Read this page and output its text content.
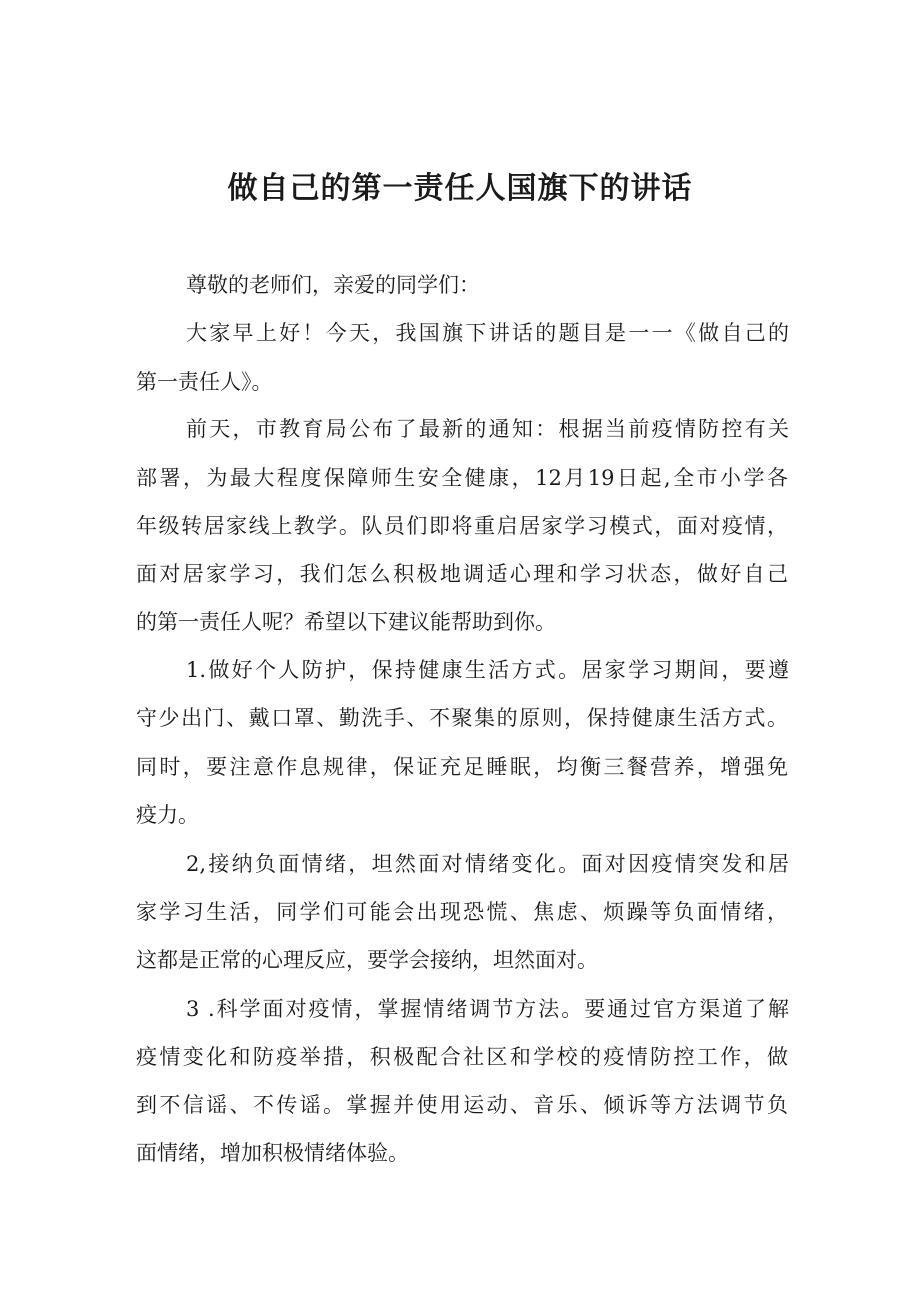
做自己的第一责任人国旗下的讲话

尊敬的老师们，亲爱的同学们：

大家早上好！今天，我国旗下讲话的题目是一一《做自己的

第一责任人》。

前天，市教育局公布了最新的通知：根据当前疫情防控有关

部署，为最大程度保障师生安全健康，12月19日起,全市小学各

年级转居家线上教学。队员们即将重启居家学习模式，面对疫情，

面对居家学习，我们怎么积极地调适心理和学习状态，做好自己

的第一责任人呢？希望以下建议能帮助到你。

1.做好个人防护，保持健康生活方式。居家学习期间，要遵

守少出门、戴口罩、勤洗手、不聚集的原则，保持健康生活方式。

同时，要注意作息规律，保证充足睡眠，均衡三餐营养，增强免

疫力。

2,接纳负面情绪，坦然面对情绪变化。面对因疫情突发和居

家学习生活，同学们可能会出现恐慌、焦虑、烦躁等负面情绪，

这都是正常的心理反应，要学会接纳，坦然面对。

3 .科学面对疫情，掌握情绪调节方法。要通过官方渠道了解

疫情变化和防疫举措，积极配合社区和学校的疫情防控工作，做

到不信谣、不传谣。掌握并使用运动、音乐、倾诉等方法调节负

面情绪，增加积极情绪体验。
